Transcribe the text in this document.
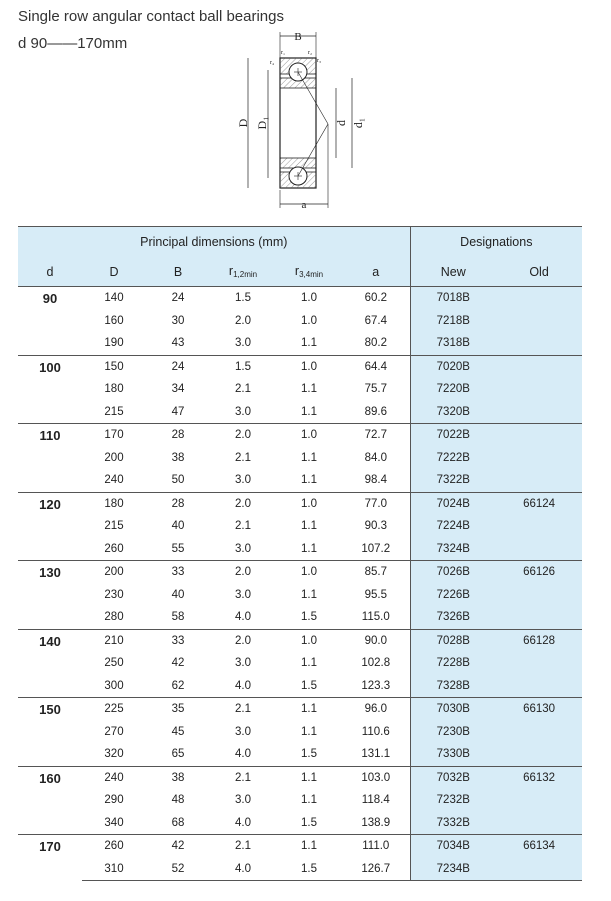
Single row angular contact ball bearings
d 90——170mm	B
r₁	r₂
r₃
r₄
D D₁	d d₁
a
Principal dimensions (mm)						Designations	
d	D	B	$r_{1,2min}$	$r_{3,4min}$	a	New	Old
90	140	24	1.5	1.0	60.2	7018B	
	160	30	2.0	1.0	67.4	7218B	
	190	43	3.0	1.1	80.2	7318B	
100	150	24	1.5	1.0	64.4	7020B	
	180	34	2.1	1.1	75.7	7220B	
	215	47	3.0	1.1	89.6	7320B	
110	170	28	2.0	1.0	72.7	7022B	
	200	38	2.1	1.1	84.0	7222B	
	240	50	3.0	1.1	98.4	7322B	
120	180	28	2.0	1.0	77.0	7024B	66124
	215	40	2.1	1.1	90.3	7224B	
	260	55	3.0	1.1	107.2	7324B	
130	200	33	2.0	1.0	85.7	7026B	66126
	230	40	3.0	1.1	95.5	7226B	
	280	58	4.0	1.5	115.0	7326B	
140	210	33	2.0	1.0	90.0	7028B	66128
	250	42	3.0	1.1	102.8	7228B	
	300	62	4.0	1.5	123.3	7328B	
150	225	35	2.1	1.1	96.0	7030B	66130
	270	45	3.0	1.1	110.6	7230B	
	320	65	4.0	1.5	131.1	7330B	
160	240	38	2.1	1.1	103.0	7032B	66132
	290	48	3.0	1.1	118.4	7232B	
	340	68	4.0	1.5	138.9	7332B	
170	260	42	2.1	1.1	111.0	7034B	66134
	310	52	4.0	1.5	126.7	7234B	
